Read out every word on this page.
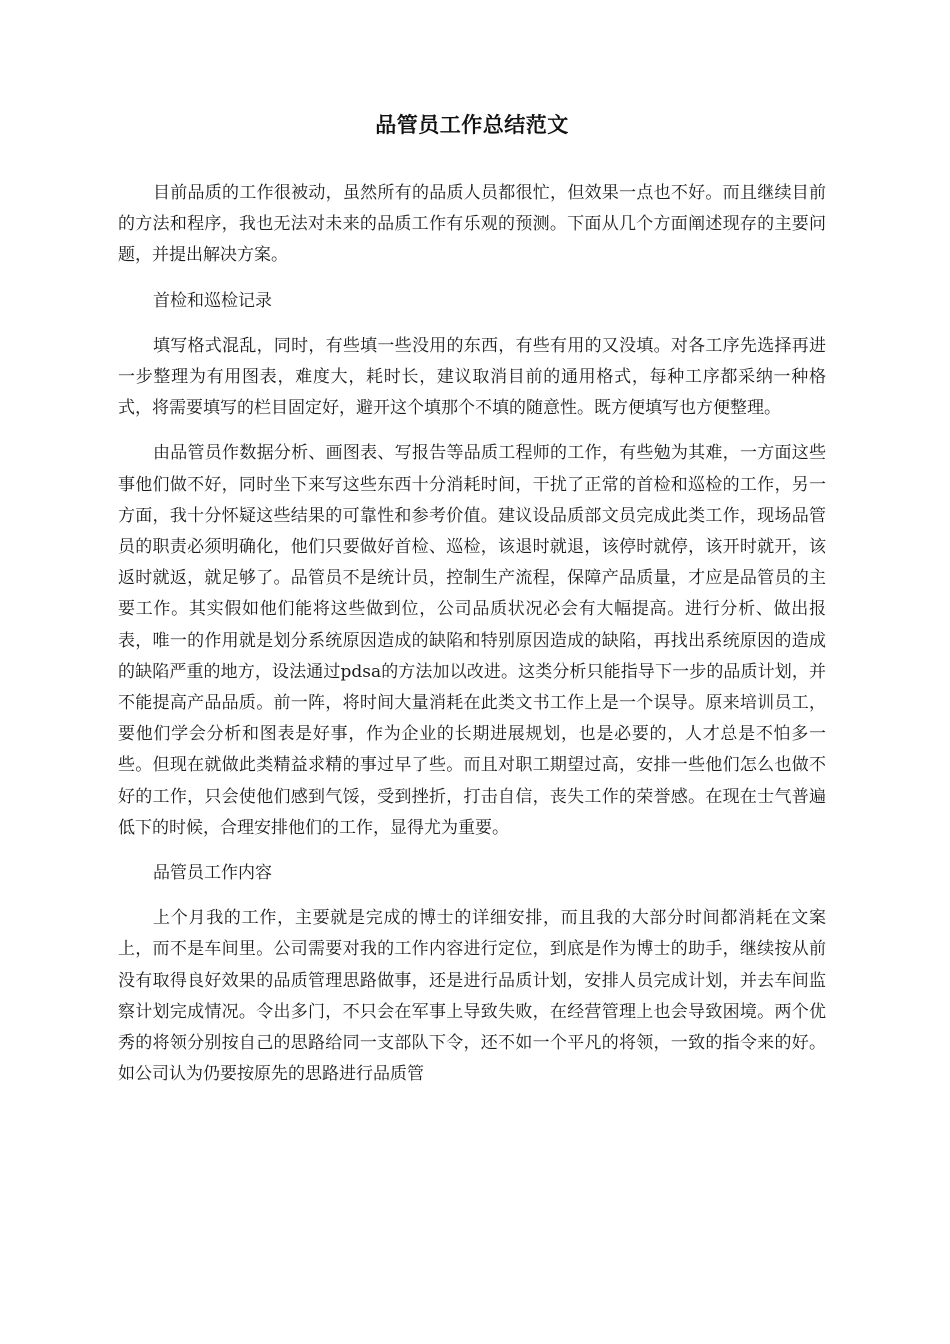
品管员工作总结范文

目前品质的工作很被动，虽然所有的品质人员都很忙，但效果一点也不好。而且继续目前的方法和程序，我也无法对未来的品质工作有乐观的预测。下面从几个方面阐述现存的主要问题，并提出解决方案。

首检和巡检记录

填写格式混乱，同时，有些填一些没用的东西，有些有用的又没填。对各工序先选择再进一步整理为有用图表，难度大，耗时长，建议取消目前的通用格式，每种工序都采纳一种格式，将需要填写的栏目固定好，避开这个填那个不填的随意性。既方便填写也方便整理。

由品管员作数据分析、画图表、写报告等品质工程师的工作，有些勉为其难，一方面这些事他们做不好，同时坐下来写这些东西十分消耗时间，干扰了正常的首检和巡检的工作，另一方面，我十分怀疑这些结果的可靠性和参考价值。建议设品质部文员完成此类工作，现场品管员的职责必须明确化，他们只要做好首检、巡检，该退时就退，该停时就停，该开时就开，该返时就返，就足够了。品管员不是统计员，控制生产流程，保障产品质量，才应是品管员的主要工作。其实假如他们能将这些做到位，公司品质状况必会有大幅提高。进行分析、做出报表，唯一的作用就是划分系统原因造成的缺陷和特别原因造成的缺陷，再找出系统原因的造成的缺陷严重的地方，设法通过pdsa的方法加以改进。这类分析只能指导下一步的品质计划，并不能提高产品品质。前一阵，将时间大量消耗在此类文书工作上是一个误导。原来培训员工，要他们学会分析和图表是好事，作为企业的长期进展规划，也是必要的，人才总是不怕多一些。但现在就做此类精益求精的事过早了些。而且对职工期望过高，安排一些他们怎么也做不好的工作，只会使他们感到气馁，受到挫折，打击自信，丧失工作的荣誉感。在现在士气普遍低下的时候，合理安排他们的工作，显得尤为重要。

品管员工作内容

上个月我的工作，主要就是完成的博士的详细安排，而且我的大部分时间都消耗在文案上，而不是车间里。公司需要对我的工作内容进行定位，到底是作为博士的助手，继续按从前没有取得良好效果的品质管理思路做事，还是进行品质计划，安排人员完成计划，并去车间监察计划完成情况。令出多门，不只会在军事上导致失败，在经营管理上也会导致困境。两个优秀的将领分别按自己的思路给同一支部队下令，还不如一个平凡的将领，一致的指令来的好。如公司认为仍要按原先的思路进行品质管
